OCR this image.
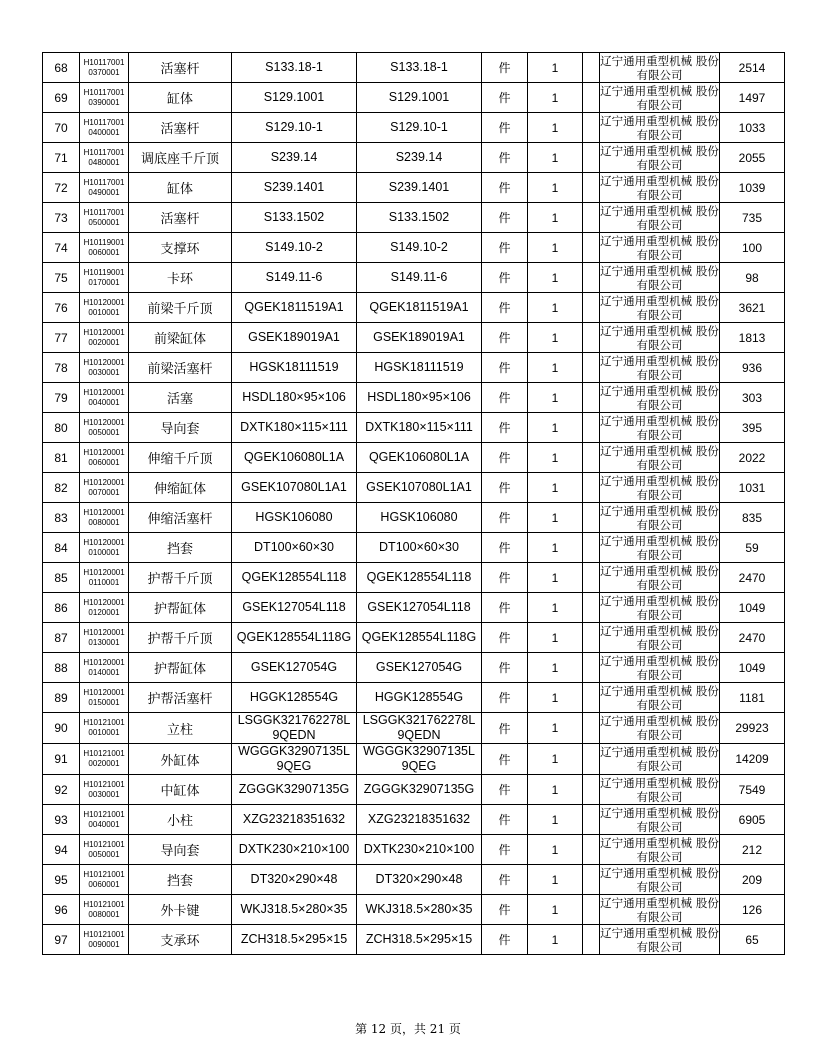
68	H10117001 0370001	活塞杆	S133.18-1	S133.18-1	件	1		辽宁通用重型机械 股份有限公司	2514
69	H10117001 0390001	缸体	S129.1001	S129.1001	件	1		辽宁通用重型机械 股份有限公司	1497
70	H10117001 0400001	活塞杆	S129.10-1	S129.10-1	件	1		辽宁通用重型机械 股份有限公司	1033
71	H10117001 0480001	调底座千斤顶	S239.14	S239.14	件	1		辽宁通用重型机械 股份有限公司	2055
72	H10117001 0490001	缸体	S239.1401	S239.1401	件	1		辽宁通用重型机械 股份有限公司	1039
73	H10117001 0500001	活塞杆	S133.1502	S133.1502	件	1		辽宁通用重型机械 股份有限公司	735
74	H10119001 0060001	支撑环	S149.10-2	S149.10-2	件	1		辽宁通用重型机械 股份有限公司	100
75	H10119001 0170001	卡环	S149.11-6	S149.11-6	件	1		辽宁通用重型机械 股份有限公司	98
76	H10120001 0010001	前梁千斤顶	QGEK1811519A1	QGEK1811519A1	件	1		辽宁通用重型机械 股份有限公司	3621
77	H10120001 0020001	前梁缸体	GSEK189019A1	GSEK189019A1	件	1		辽宁通用重型机械 股份有限公司	1813
78	H10120001 0030001	前梁活塞杆	HGSK18111519	HGSK18111519	件	1		辽宁通用重型机械 股份有限公司	936
79	H10120001 0040001	活塞	HSDL180×95×106	HSDL180×95×106	件	1		辽宁通用重型机械 股份有限公司	303
80	H10120001 0050001	导向套	DXTK180×115×111	DXTK180×115×111	件	1		辽宁通用重型机械 股份有限公司	395
81	H10120001 0060001	伸缩千斤顶	QGEK106080L1A	QGEK106080L1A	件	1		辽宁通用重型机械 股份有限公司	2022
82	H10120001 0070001	伸缩缸体	GSEK107080L1A1	GSEK107080L1A1	件	1		辽宁通用重型机械 股份有限公司	1031
83	H10120001 0080001	伸缩活塞杆	HGSK106080	HGSK106080	件	1		辽宁通用重型机械 股份有限公司	835
84	H10120001 0100001	挡套	DT100×60×30	DT100×60×30	件	1		辽宁通用重型机械 股份有限公司	59
85	H10120001 0110001	护帮千斤顶	QGEK128554L118	QGEK128554L118	件	1		辽宁通用重型机械 股份有限公司	2470
86	H10120001 0120001	护帮缸体	GSEK127054L118	GSEK127054L118	件	1		辽宁通用重型机械 股份有限公司	1049
87	H10120001 0130001	护帮千斤顶	QGEK128554L118G	QGEK128554L118G	件	1		辽宁通用重型机械 股份有限公司	2470
88	H10120001 0140001	护帮缸体	GSEK127054G	GSEK127054G	件	1		辽宁通用重型机械 股份有限公司	1049
89	H10120001 0150001	护帮活塞杆	HGGK128554G	HGGK128554G	件	1		辽宁通用重型机械 股份有限公司	1181
90	H10121001 0010001	立柱	LSGGK321762278L 9QEDN	LSGGK321762278L 9QEDN	件	1		辽宁通用重型机械 股份有限公司	29923
91	H10121001 0020001	外缸体	WGGGK32907135L 9QEG	WGGGK32907135L 9QEG	件	1		辽宁通用重型机械 股份有限公司	14209
92	H10121001 0030001	中缸体	ZGGGK32907135G	ZGGGK32907135G	件	1		辽宁通用重型机械 股份有限公司	7549
93	H10121001 0040001	小柱	XZG23218351632	XZG23218351632	件	1		辽宁通用重型机械 股份有限公司	6905
94	H10121001 0050001	导向套	DXTK230×210×100	DXTK230×210×100	件	1		辽宁通用重型机械 股份有限公司	212
95	H10121001 0060001	挡套	DT320×290×48	DT320×290×48	件	1		辽宁通用重型机械 股份有限公司	209
96	H10121001 0080001	外卡键	WKJ318.5×280×35	WKJ318.5×280×35	件	1		辽宁通用重型机械 股份有限公司	126
97	H10121001 0090001	支承环	ZCH318.5×295×15	ZCH318.5×295×15	件	1		辽宁通用重型机械 股份有限公司	65
第 12 页，共 21 页
